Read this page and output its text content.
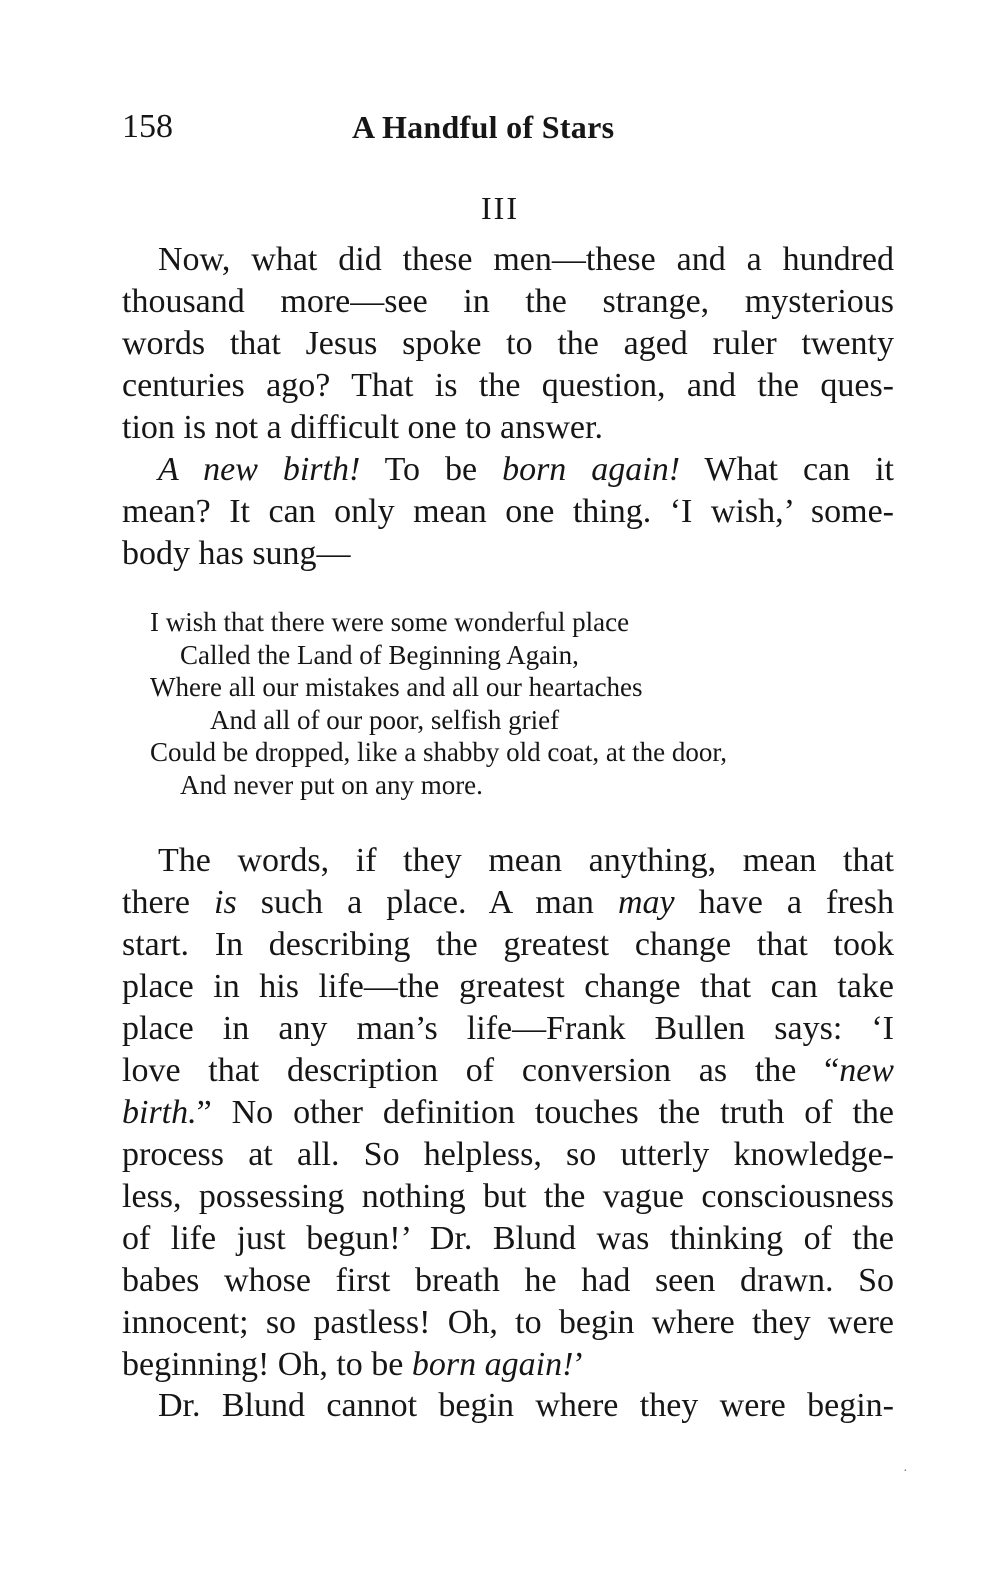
158	A Handful of Stars
III

Now, what did these men—these and a hundred
thousand more—see in the strange, mysterious
words that Jesus spoke to the aged ruler twenty
centuries ago? That is the question, and the ques-
tion is not a difficult one to answer.

A new birth! To be born again! What can it
mean? It can only mean one thing. ‘I wish,’ some-
body has sung—

I wish that there were some wonderful place
Called the Land of Beginning Again,
Where all our mistakes and all our heartaches
And all of our poor, selfish grief
Could be dropped, like a shabby old coat, at the door,
And never put on any more.

The words, if they mean anything, mean that
there is such a place. A man may have a fresh
start. In describing the greatest change that took
place in his life—the greatest change that can take
place in any man’s life—Frank Bullen says: ‘I
love that description of conversion as the “new
birth.” No other definition touches the truth of the
process at all. So helpless, so utterly knowledge-
less, possessing nothing but the vague consciousness
of life just begun!’ Dr. Blund was thinking of the
babes whose first breath he had seen drawn. So
innocent; so pastless! Oh, to begin where they were
beginning! Oh, to be born again!’

Dr. Blund cannot begin where they were begin-

·
